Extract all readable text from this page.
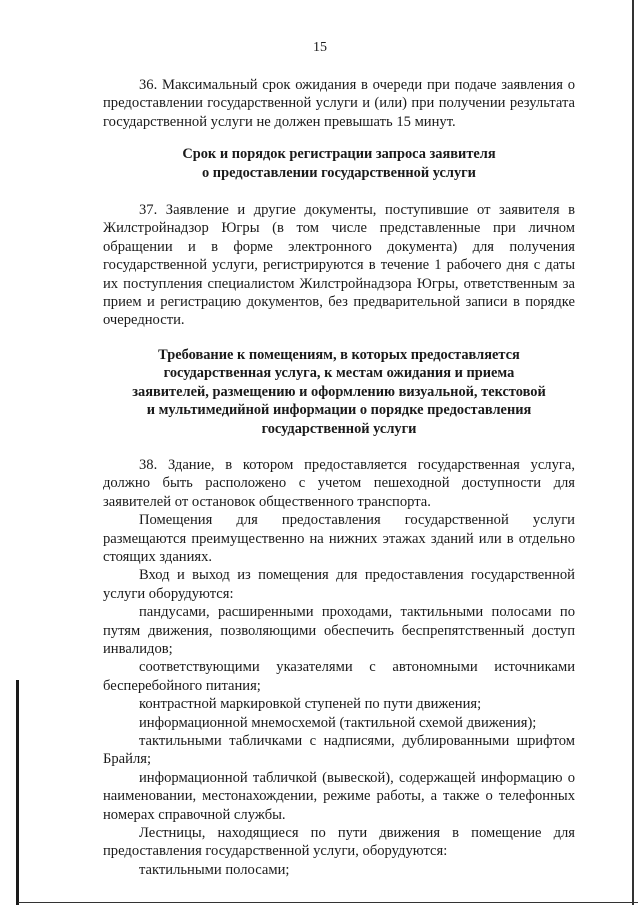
15

36. Максимальный срок ожидания в очереди при подаче заявления о предоставлении государственной услуги и (или) при получении результата государственной услуги не должен превышать 15 минут.

Срок и порядок регистрации запроса заявителя

о предоставлении государственной услуги

37. Заявление и другие документы, поступившие от заявителя в Жилстройнадзор Югры (в том числе представленные при личном обращении и в форме электронного документа) для получения государственной услуги, регистрируются в течение 1 рабочего дня с даты их поступления специалистом Жилстройнадзора Югры, ответственным за прием и регистрацию документов, без предварительной записи в порядке очередности.

Требование к помещениям, в которых предоставляется

государственная услуга, к местам ожидания и приема

заявителей, размещению и оформлению визуальной, текстовой

и мультимедийной информации о порядке предоставления

государственной услуги

38. Здание, в котором предоставляется государственная услуга, должно быть расположено с учетом пешеходной доступности для заявителей от остановок общественного транспорта.

Помещения для предоставления государственной услуги размещаются преимущественно на нижних этажах зданий или в отдельно стоящих зданиях.

Вход и выход из помещения для предоставления государственной услуги оборудуются:

пандусами, расширенными проходами, тактильными полосами по путям движения, позволяющими обеспечить беспрепятственный доступ инвалидов;

соответствующими указателями с автономными источниками бесперебойного питания;

контрастной маркировкой ступеней по пути движения;

информационной мнемосхемой (тактильной схемой движения);

тактильными табличками с надписями, дублированными шрифтом Брайля;

информационной табличкой (вывеской), содержащей информацию о наименовании, местонахождении, режиме работы, а также о телефонных номерах справочной службы.

Лестницы, находящиеся по пути движения в помещение для предоставления государственной услуги, оборудуются:

тактильными полосами;
